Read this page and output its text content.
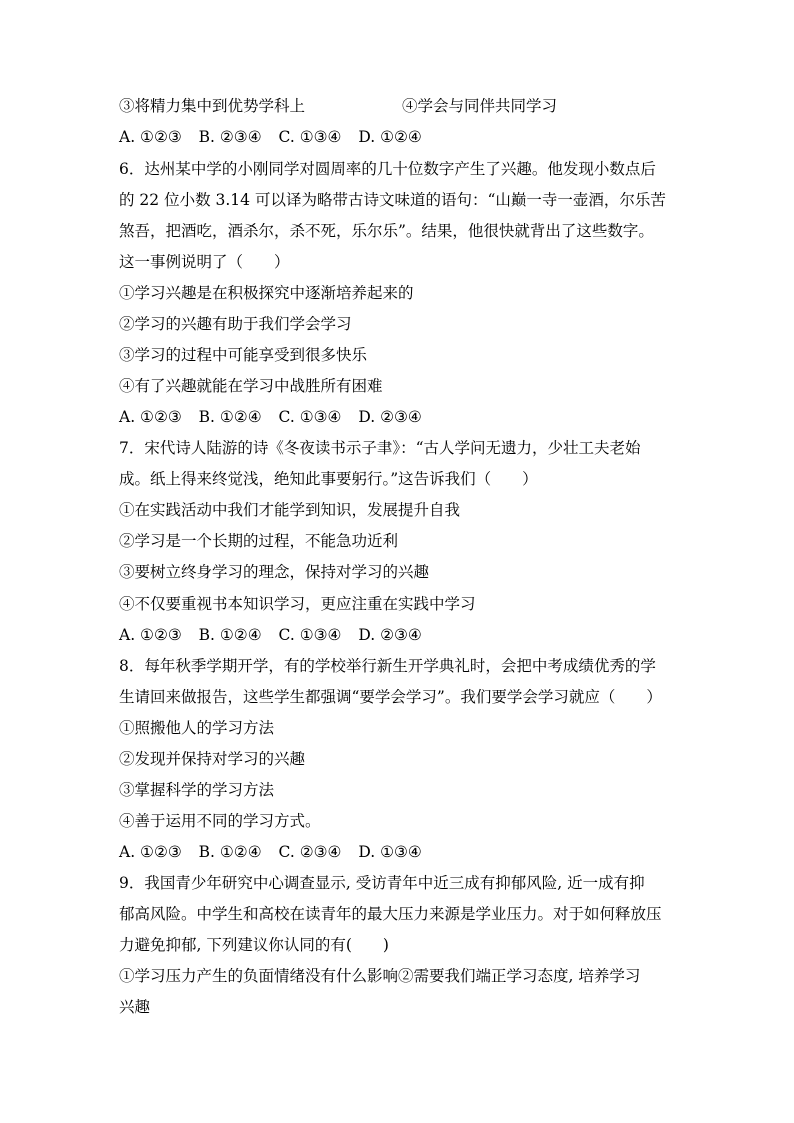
③将精力集中到优势学科上	④学会与同伴共同学习
A. ①②③ B. ②③④ C. ①③④ D. ①②④
6．达州某中学的小刚同学对圆周率的几十位数字产生了兴趣。他发现小数点后
的 22 位小数 3.14 可以译为略带古诗文味道的语句：“山巅一寺一壶酒，尔乐苦
煞吾，把酒吃，酒杀尔，杀不死，乐尔乐”。结果，他很快就背出了这些数字。
这一事例说明了（　　）
①学习兴趣是在积极探究中逐渐培养起来的
②学习的兴趣有助于我们学会学习
③学习的过程中可能享受到很多快乐
④有了兴趣就能在学习中战胜所有困难
A. ①②③ B. ①②④ C. ①③④ D. ②③④
7．宋代诗人陆游的诗《冬夜读书示子聿》：“古人学问无遗力，少壮工夫老始
成。纸上得来终觉浅，绝知此事要躬行。”这告诉我们（　　）
①在实践活动中我们才能学到知识，发展提升自我
②学习是一个长期的过程，不能急功近利
③要树立终身学习的理念，保持对学习的兴趣
④不仅要重视书本知识学习，更应注重在实践中学习
A. ①②③ B. ①②④ C. ①③④ D. ②③④
8．每年秋季学期开学，有的学校举行新生开学典礼时，会把中考成绩优秀的学
生请回来做报告，这些学生都强调“要学会学习”。我们要学会学习就应（　　）
①照搬他人的学习方法
②发现并保持对学习的兴趣
③掌握科学的学习方法
④善于运用不同的学习方式。
A. ①②③ B. ①②④ C. ②③④ D. ①③④
9．我国青少年研究中心调查显示, 受访青年中近三成有抑郁风险, 近一成有抑
郁高风险。中学生和高校在读青年的最大压力来源是学业压力。对于如何释放压
力避免抑郁, 下列建议你认同的有(　　)
①学习压力产生的负面情绪没有什么影响②需要我们端正学习态度, 培养学习
兴趣
